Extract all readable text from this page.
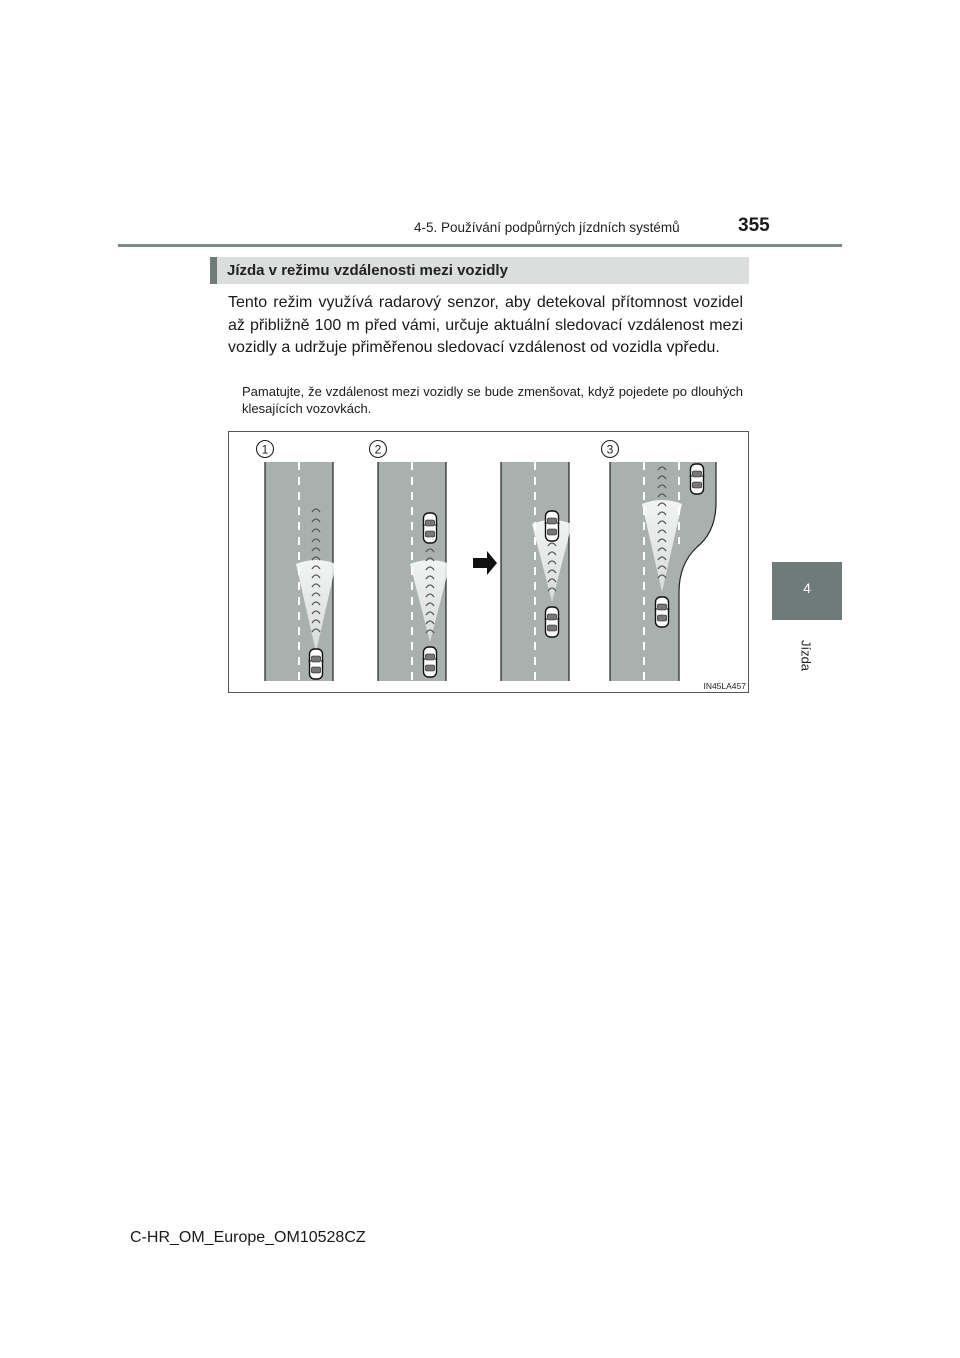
4-5. Používání podpůrných jízdních systémů	355
4
Jízda
Jízda v režimu vzdálenosti mezi vozidly

Tento režim využívá radarový senzor, aby detekoval přítomnost vozidel až přibližně 100 m před vámi, určuje aktuální sledovací vzdálenost mezi vozidly a udržuje přiměřenou sledovací vzdálenost od vozidla vpředu.

Pamatujte, že vzdálenost mezi vozidly se bude zmenšovat, když pojedete po dlouhých klesajících vozovkách.

1	2	3
IN45LA457
C-HR_OM_Europe_OM10528CZ
